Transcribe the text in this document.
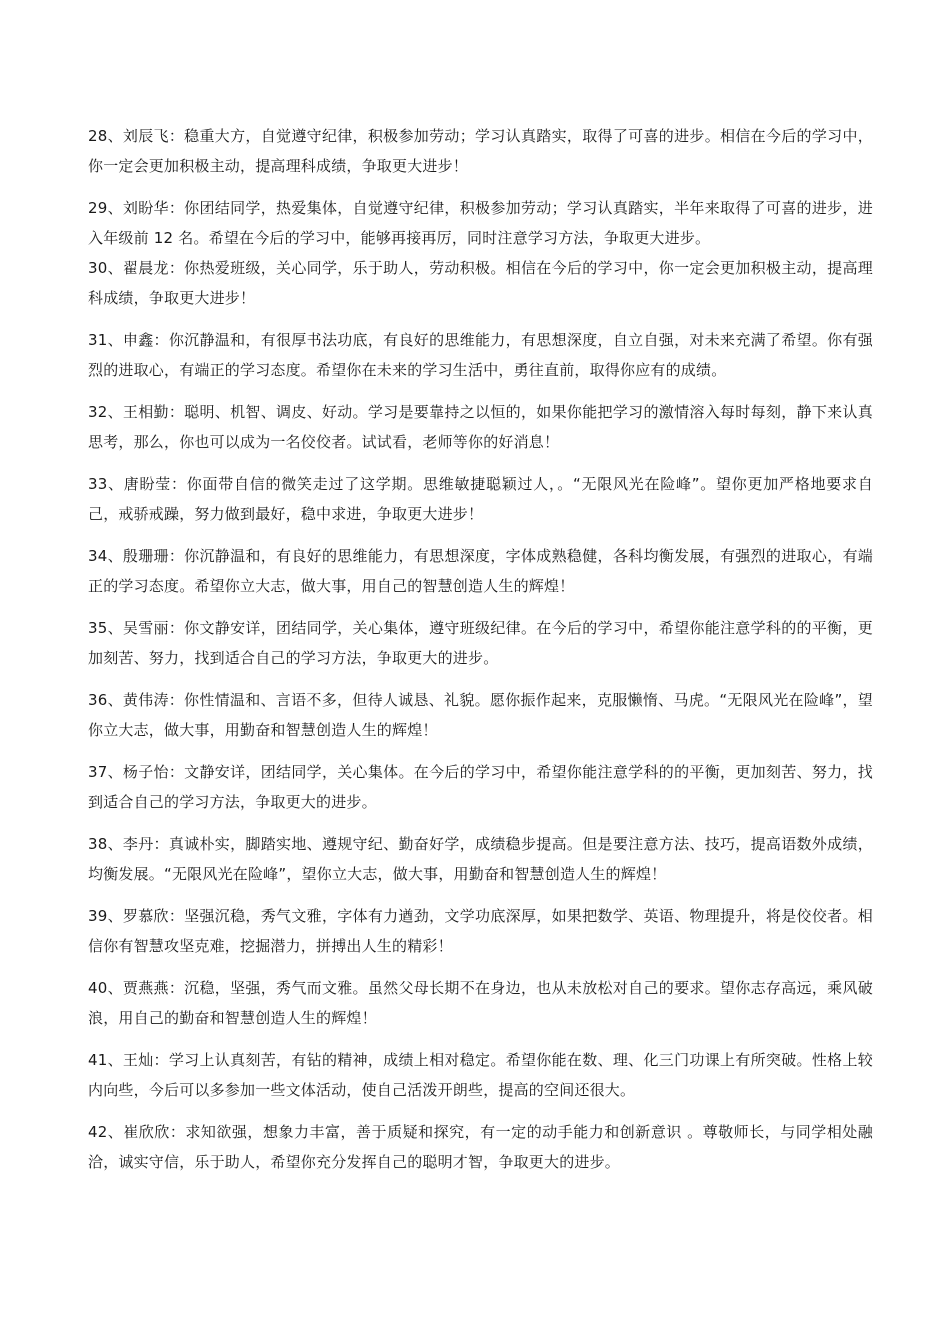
28、刘辰飞：稳重大方，自觉遵守纪律，积极参加劳动；学习认真踏实，取得了可喜的进步。相信在今后的学习中，你一定会更加积极主动，提高理科成绩，争取更大进步！

29、刘盼华：你团结同学，热爱集体，自觉遵守纪律，积极参加劳动；学习认真踏实，半年来取得了可喜的进步，进入年级前 12 名。希望在今后的学习中，能够再接再厉，同时注意学习方法，争取更大进步。

30、翟晨龙：你热爱班级，关心同学，乐于助人，劳动积极。相信在今后的学习中，你一定会更加积极主动，提高理科成绩，争取更大进步！

31、申鑫：你沉静温和，有很厚书法功底，有良好的思维能力，有思想深度，自立自强，对未来充满了希望。你有强烈的进取心，有端正的学习态度。希望你在未来的学习生活中，勇往直前，取得你应有的成绩。

32、王相勤：聪明、机智、调皮、好动。学习是要靠持之以恒的，如果你能把学习的激情溶入每时每刻，静下来认真思考，那么，你也可以成为一名佼佼者。试试看，老师等你的好消息！

33、唐盼莹：你面带自信的微笑走过了这学期。思维敏捷聪颖过人，。“无限风光在险峰”。望你更加严格地要求自己，戒骄戒躁，努力做到最好，稳中求进，争取更大进步！

34、殷珊珊：你沉静温和，有良好的思维能力，有思想深度，字体成熟稳健，各科均衡发展，有强烈的进取心，有端正的学习态度。希望你立大志，做大事，用自己的智慧创造人生的辉煌！

35、吴雪丽：你文静安详，团结同学，关心集体，遵守班级纪律。在今后的学习中，希望你能注意学科的的平衡，更加刻苦、努力，找到适合自己的学习方法，争取更大的进步。

36、黄伟涛：你性情温和、言语不多，但待人诚恳、礼貌。愿你振作起来，克服懒惰、马虎。“无限风光在险峰”，望你立大志，做大事，用勤奋和智慧创造人生的辉煌！

37、杨子怡：文静安详，团结同学，关心集体。在今后的学习中，希望你能注意学科的的平衡，更加刻苦、努力，找到适合自己的学习方法，争取更大的进步。

38、李丹：真诚朴实，脚踏实地、遵规守纪、勤奋好学，成绩稳步提高。但是要注意方法、技巧，提高语数外成绩，均衡发展。“无限风光在险峰”，望你立大志，做大事，用勤奋和智慧创造人生的辉煌！

39、罗慕欣：坚强沉稳，秀气文雅，字体有力遒劲，文学功底深厚，如果把数学、英语、物理提升，将是佼佼者。相信你有智慧攻坚克难，挖掘潜力，拼搏出人生的精彩！

40、贾燕燕：沉稳，坚强，秀气而文雅。虽然父母长期不在身边，也从未放松对自己的要求。望你志存高远，乘风破浪，用自己的勤奋和智慧创造人生的辉煌！

41、王灿：学习上认真刻苦，有钻的精神，成绩上相对稳定。希望你能在数、理、化三门功课上有所突破。性格上较内向些，今后可以多参加一些文体活动，使自己活泼开朗些，提高的空间还很大。

42、崔欣欣：求知欲强，想象力丰富，善于质疑和探究，有一定的动手能力和创新意识 。尊敬师长，与同学相处融洽，诚实守信，乐于助人，希望你充分发挥自己的聪明才智，争取更大的进步。
